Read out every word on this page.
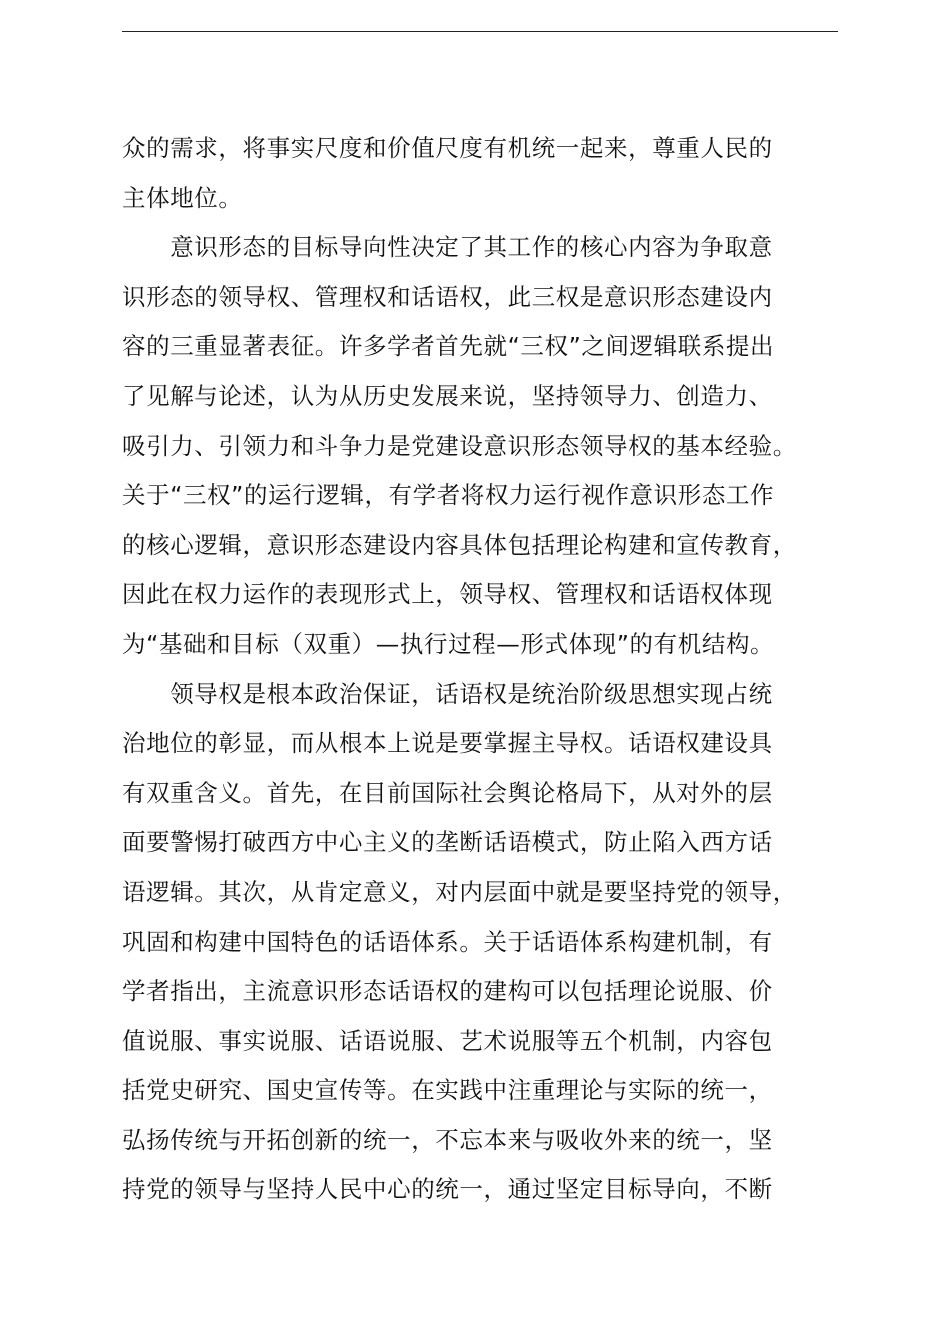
众的需求，将事实尺度和价值尺度有机统一起来，尊重人民的
主体地位。
　　意识形态的目标导向性决定了其工作的核心内容为争取意
识形态的领导权、管理权和话语权，此三权是意识形态建设内
容的三重显著表征。许多学者首先就“三权”之间逻辑联系提出
了见解与论述，认为从历史发展来说，坚持领导力、创造力、
吸引力、引领力和斗争力是党建设意识形态领导权的基本经验。
关于“三权”的运行逻辑，有学者将权力运行视作意识形态工作
的核心逻辑，意识形态建设内容具体包括理论构建和宣传教育，
因此在权力运作的表现形式上，领导权、管理权和话语权体现
为“基础和目标（双重）—执行过程—形式体现”的有机结构。
　　领导权是根本政治保证，话语权是统治阶级思想实现占统
治地位的彰显，而从根本上说是要掌握主导权。话语权建设具
有双重含义。首先，在目前国际社会舆论格局下，从对外的层
面要警惕打破西方中心主义的垄断话语模式，防止陷入西方话
语逻辑。其次，从肯定意义，对内层面中就是要坚持党的领导，
巩固和构建中国特色的话语体系。关于话语体系构建机制，有
学者指出，主流意识形态话语权的建构可以包括理论说服、价
值说服、事实说服、话语说服、艺术说服等五个机制，内容包
括党史研究、国史宣传等。在实践中注重理论与实际的统一，
弘扬传统与开拓创新的统一，不忘本来与吸收外来的统一，坚
持党的领导与坚持人民中心的统一，通过坚定目标导向，不断
